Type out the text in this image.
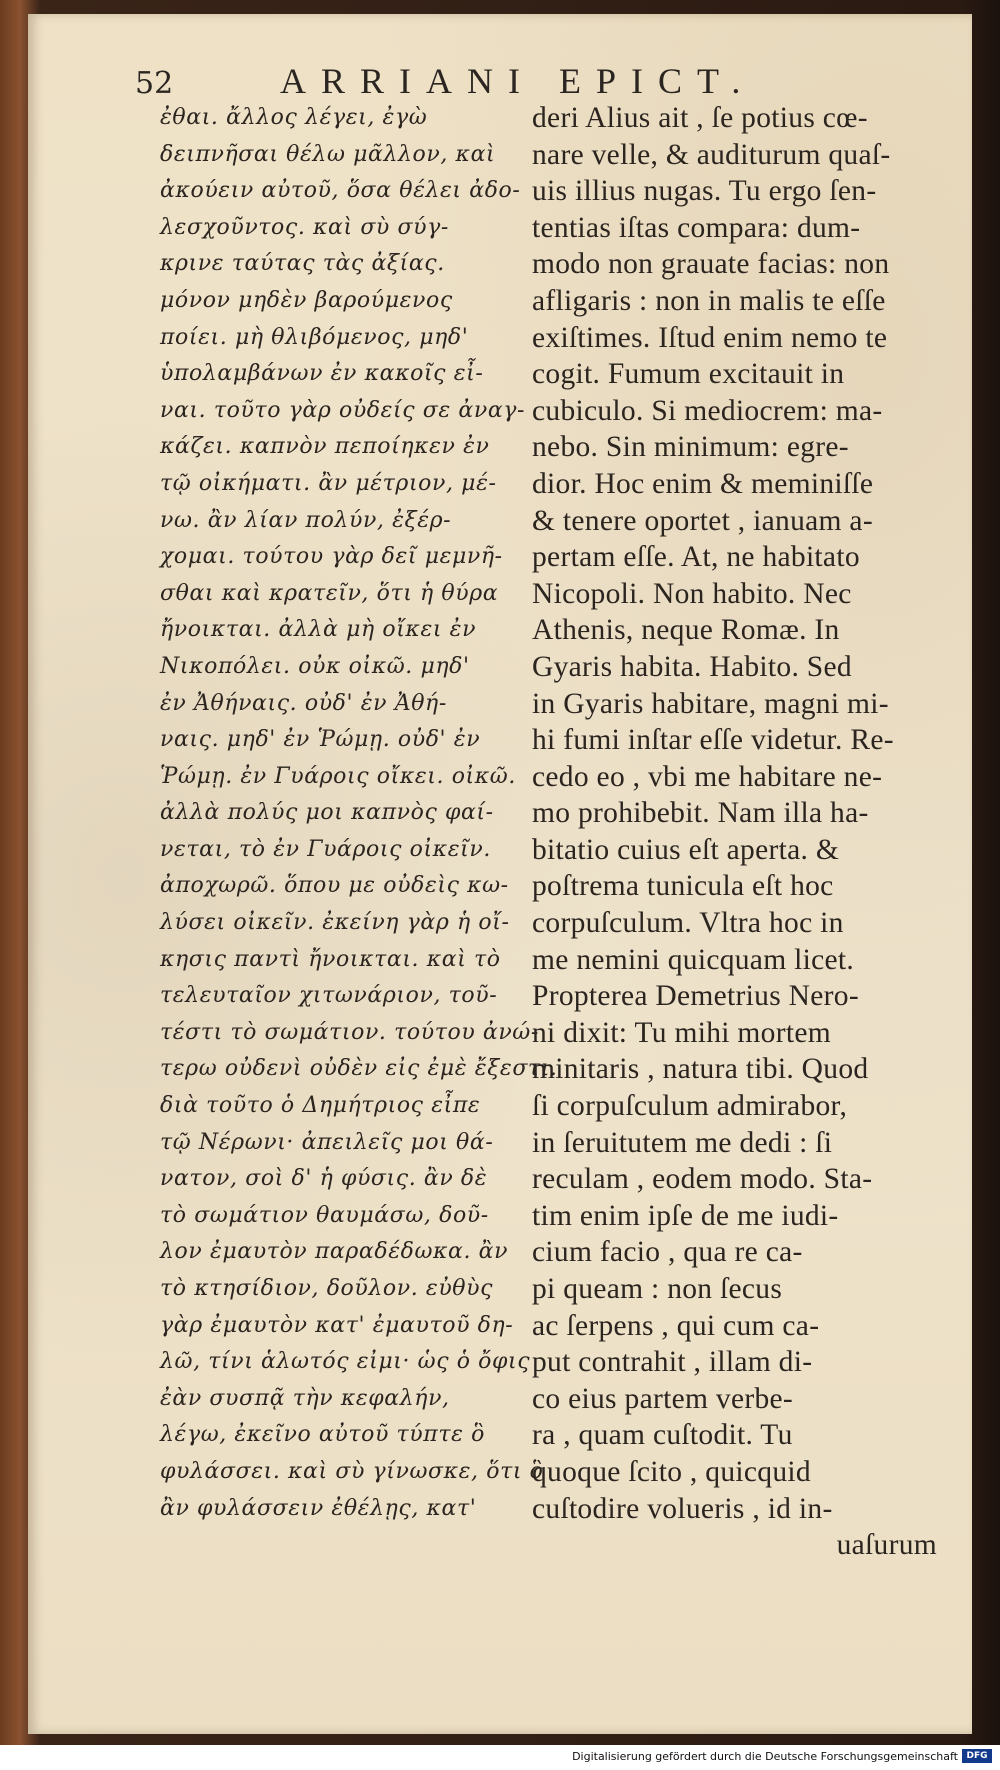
52	ARRIANI EPICT.
ἐθαι. ἄλλος λέγει, ἐγὼ
δειπνῆσαι θέλω μᾶλλον, καὶ
ἀκούειν αὐτοῦ, ὅσα θέλει ἀδο-
λεσχοῦντος. καὶ σὺ σύγ-
κρινε ταύτας τὰς ἀξίας.
μόνον μηδὲν βαρούμενος
ποίει. μὴ θλιβόμενος, μηδ'
ὑπολαμβάνων ἐν κακοῖς εἶ-
ναι. τοῦτο γὰρ οὐδείς σε ἀναγ-
κάζει. καπνὸν πεποίηκεν ἐν
τῷ οἰκήματι. ἂν μέτριον, μέ-
νω. ἂν λίαν πολύν, ἐξέρ-
χομαι. τούτου γὰρ δεῖ μεμνῆ-
σθαι καὶ κρατεῖν, ὅτι ἡ θύρα
ἤνοικται. ἀλλὰ μὴ οἴκει ἐν
Νικοπόλει. οὐκ οἰκῶ. μηδ'
ἐν Ἀθήναις. οὐδ' ἐν Ἀθή-
ναις. μηδ' ἐν Ῥώμῃ. οὐδ' ἐν
Ῥώμῃ. ἐν Γυάροις οἴκει. οἰκῶ.
ἀλλὰ πολύς μοι καπνὸς φαί-
νεται, τὸ ἐν Γυάροις οἰκεῖν.
ἀποχωρῶ. ὅπου με οὐδεὶς κω-
λύσει οἰκεῖν. ἐκείνη γὰρ ἡ οἴ-
κησις παντὶ ἤνοικται. καὶ τὸ
τελευταῖον χιτωνάριον, τοῦ-
τέστι τὸ σωμάτιον. τούτου ἀνώ-
τερω οὐδενὶ οὐδὲν εἰς ἐμὲ ἔξεστι.
διὰ τοῦτο ὁ Δημήτριος εἶπε
τῷ Νέρωνι· ἀπειλεῖς μοι θά-
νατον, σοὶ δ' ἡ φύσις. ἂν δὲ
τὸ σωμάτιον θαυμάσω, δοῦ-
λον ἐμαυτὸν παραδέδωκα. ἂν
τὸ κτησίδιον, δοῦλον. εὐθὺς
γὰρ ἐμαυτὸν κατ' ἐμαυτοῦ δη-
λῶ, τίνι ἁλωτός εἰμι· ὡς ὁ ὄφις
ἐὰν συσπᾷ τὴν κεφαλήν,
λέγω, ἐκεῖνο αὐτοῦ τύπτε ὃ
φυλάσσει. καὶ σὺ γίνωσκε, ὅτι ὃ
ἂν φυλάσσειν ἐθέλῃς, κατ'
deri Alius ait , ſe potius cœ-
nare velle, & auditurum quaſ-
uis illius nugas. Tu ergo ſen-
tentias iſtas compara: dum-
modo non grauate facias: non
afligaris : non in malis te eſſe
exiſtimes. Iſtud enim nemo te
cogit. Fumum excitauit in
cubiculo. Si mediocrem: ma-
nebo. Sin minimum: egre-
dior. Hoc enim & meminiſſe
& tenere oportet , ianuam a-
pertam eſſe. At, ne habitato
Nicopoli. Non habito. Nec
Athenis, neque Romæ. In
Gyaris habita. Habito. Sed
in Gyaris habitare, magni mi-
hi fumi inſtar eſſe videtur. Re-
cedo eo , vbi me habitare ne-
mo prohibebit. Nam illa ha-
bitatio cuius eſt aperta. &
poſtrema tunicula eſt hoc
corpuſculum. Vltra hoc in
me nemini quicquam licet.
Propterea Demetrius Nero-
ni dixit: Tu mihi mortem
minitaris , natura tibi. Quod
ſi corpuſculum admirabor,
in ſeruitutem me dedi : ſi
reculam , eodem modo. Sta-
tim enim ipſe de me iudi-
cium facio , qua re ca-
pi queam : non ſecus
ac ſerpens , qui cum ca-
put contrahit , illam di-
co eius partem verbe-
ra , quam cuſtodit. Tu
quoque ſcito , quicquid
cuſtodire volueris , id in-
uaſurum
Digitalisierung gefördert durch die Deutsche Forschungsgemeinschaft DFG
